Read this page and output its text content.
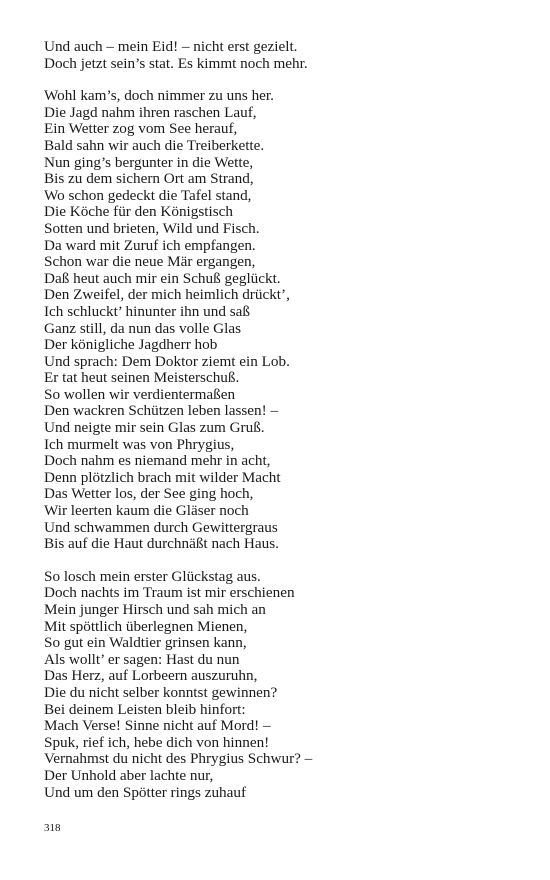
Und auch – mein Eid! – nicht erst gezielt.
Doch jetzt sein’s stat. Es kimmt noch mehr.
Wohl kam’s, doch nimmer zu uns her.
Die Jagd nahm ihren raschen Lauf,
Ein Wetter zog vom See herauf,
Bald sahn wir auch die Treiberkette.
Nun ging’s bergunter in die Wette,
Bis zu dem sichern Ort am Strand,
Wo schon gedeckt die Tafel stand,
Die Köche für den Königstisch
Sotten und brieten, Wild und Fisch.
Da ward mit Zuruf ich empfangen.
Schon war die neue Mär ergangen,
Daß heut auch mir ein Schuß geglückt.
Den Zweifel, der mich heimlich drückt’,
Ich schluckt’ hinunter ihn und saß
Ganz still, da nun das volle Glas
Der königliche Jagdherr hob
Und sprach: Dem Doktor ziemt ein Lob.
Er tat heut seinen Meisterschuß.
So wollen wir verdientermaßen
Den wackren Schützen leben lassen! –
Und neigte mir sein Glas zum Gruß.
Ich murmelt was von Phrygius,
Doch nahm es niemand mehr in acht,
Denn plötzlich brach mit wilder Macht
Das Wetter los, der See ging hoch,
Wir leerten kaum die Gläser noch
Und schwammen durch Gewittergraus
Bis auf die Haut durchnäßt nach Haus.
So losch mein erster Glückstag aus.
Doch nachts im Traum ist mir erschienen
Mein junger Hirsch und sah mich an
Mit spöttlich überlegnen Mienen,
So gut ein Waldtier grinsen kann,
Als wollt’ er sagen: Hast du nun
Das Herz, auf Lorbeern auszuruhn,
Die du nicht selber konntst gewinnen?
Bei deinem Leisten bleib hinfort:
Mach Verse! Sinne nicht auf Mord! –
Spuk, rief ich, hebe dich von hinnen!
Vernahmst du nicht des Phrygius Schwur? –
Der Unhold aber lachte nur,
Und um den Spötter rings zuhauf
318
